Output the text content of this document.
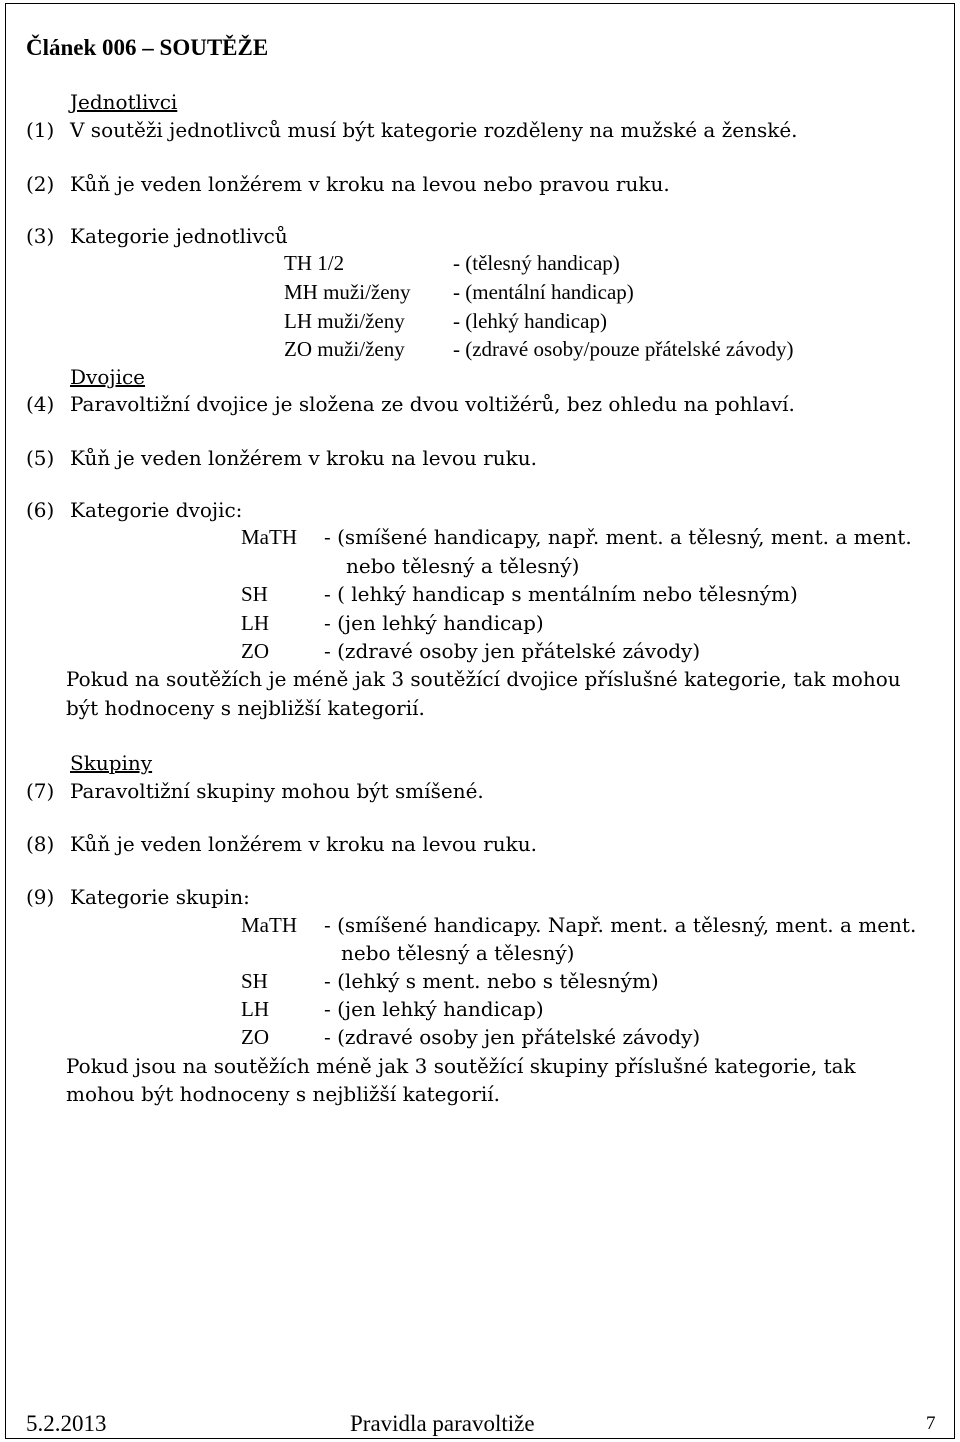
Článek 006 – SOUTĚŽE
Jednotlivci
(1) V soutěži jednotlivců musí být kategorie rozděleny na mužské a ženské.
(2) Kůň je veden lonžérem v kroku na levou nebo pravou ruku.
(3) Kategorie jednotlivců
TH 1/2	- (tělesný handicap)
MH muži/ženy - (mentální handicap)
LH muži/ženy - (lehký handicap)
ZO muži/ženy - (zdravé osoby/pouze přátelské závody)
Dvojice
(4) Paravoltižní dvojice je složena ze dvou voltižérů, bez ohledu na pohlaví.
(5) Kůň je veden lonžérem v kroku na levou ruku.
(6) Kategorie dvojic:
MaTH - (smíšené handicapy, např. ment. a tělesný, ment. a ment.
nebo tělesný a tělesný)
SH	- ( lehký handicap s mentálním nebo tělesným)
LH	- (jen lehký handicap)
ZO	- (zdravé osoby jen přátelské závody)
Pokud na soutěžích je méně jak 3 soutěžící dvojice příslušné kategorie, tak mohou
být hodnoceny s nejbližší kategorií.
Skupiny
(7) Paravoltižní skupiny mohou být smíšené.
(8) Kůň je veden lonžérem v kroku na levou ruku.
(9) Kategorie skupin:
MaTH - (smíšené handicapy. Např. ment. a tělesný, ment. a ment.
nebo tělesný a tělesný)
SH	- (lehký s ment. nebo s tělesným)
LH	- (jen lehký handicap)
ZO	- (zdravé osoby jen přátelské závody)
Pokud jsou na soutěžích méně jak 3 soutěžící skupiny příslušné kategorie, tak
mohou být hodnoceny s nejbližší kategorií.
5.2.2013	Pravidla paravoltiže	7
